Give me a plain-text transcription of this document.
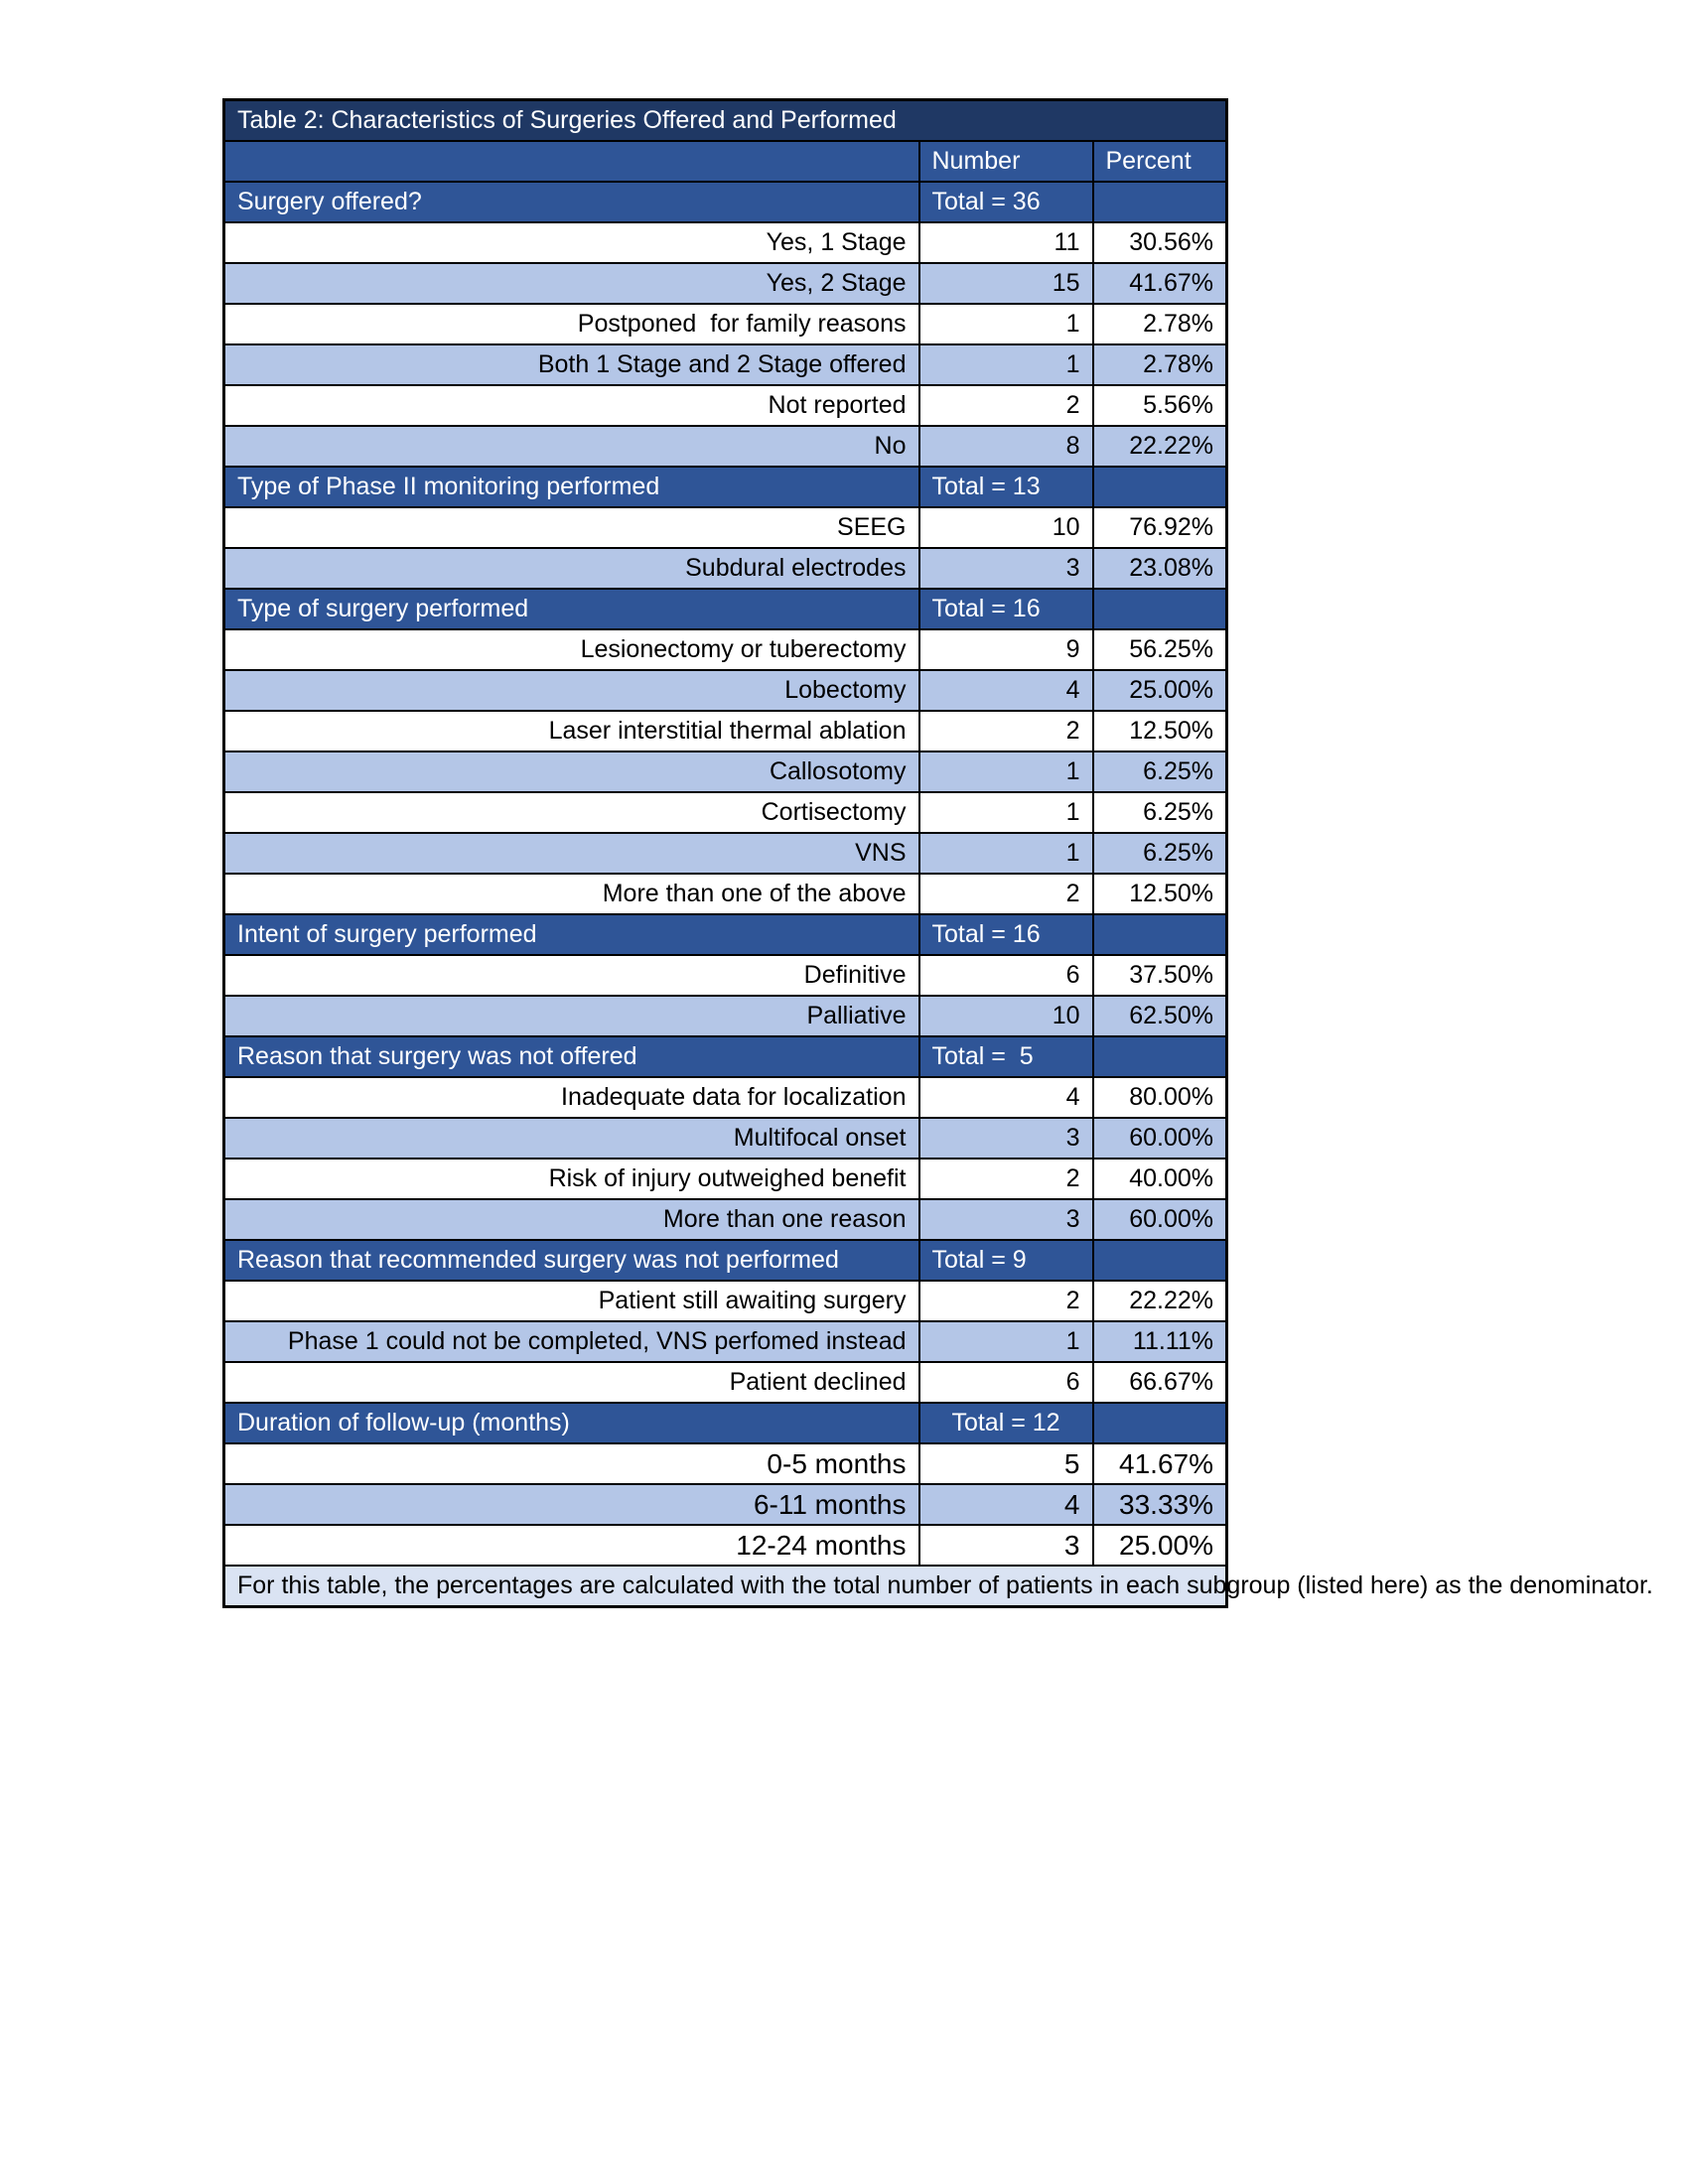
Table 2: Characteristics of Surgeries Offered and Performed		
	Number	Percent
Surgery offered?	Total = 36	
Yes, 1 Stage	11	30.56%
Yes, 2 Stage	15	41.67%
Postponed  for family reasons	1	2.78%
Both 1 Stage and 2 Stage offered	1	2.78%
Not reported	2	5.56%
No	8	22.22%
Type of Phase II monitoring performed	Total = 13	
SEEG	10	76.92%
Subdural electrodes	3	23.08%
Type of surgery performed	Total = 16	
Lesionectomy or tuberectomy	9	56.25%
Lobectomy	4	25.00%
Laser interstitial thermal ablation	2	12.50%
Callosotomy	1	6.25%
Cortisectomy	1	6.25%
VNS	1	6.25%
More than one of the above	2	12.50%
Intent of surgery performed	Total = 16	
Definitive	6	37.50%
Palliative	10	62.50%
Reason that surgery was not offered	Total =  5	
Inadequate data for localization	4	80.00%
Multifocal onset	3	60.00%
Risk of injury outweighed benefit	2	40.00%
More than one reason	3	60.00%
Reason that recommended surgery was not performed	Total = 9	
Patient still awaiting surgery	2	22.22%
Phase 1 could not be completed, VNS perfomed instead	1	11.11%
Patient declined	6	66.67%
Duration of follow-up (months)	Total = 12	
0-5 months	5	41.67%
6-11 months	4	33.33%
12-24 months	3	25.00%
For this table, the percentages are calculated with the total number of patients in each subgroup (listed here) as the denominator.		
